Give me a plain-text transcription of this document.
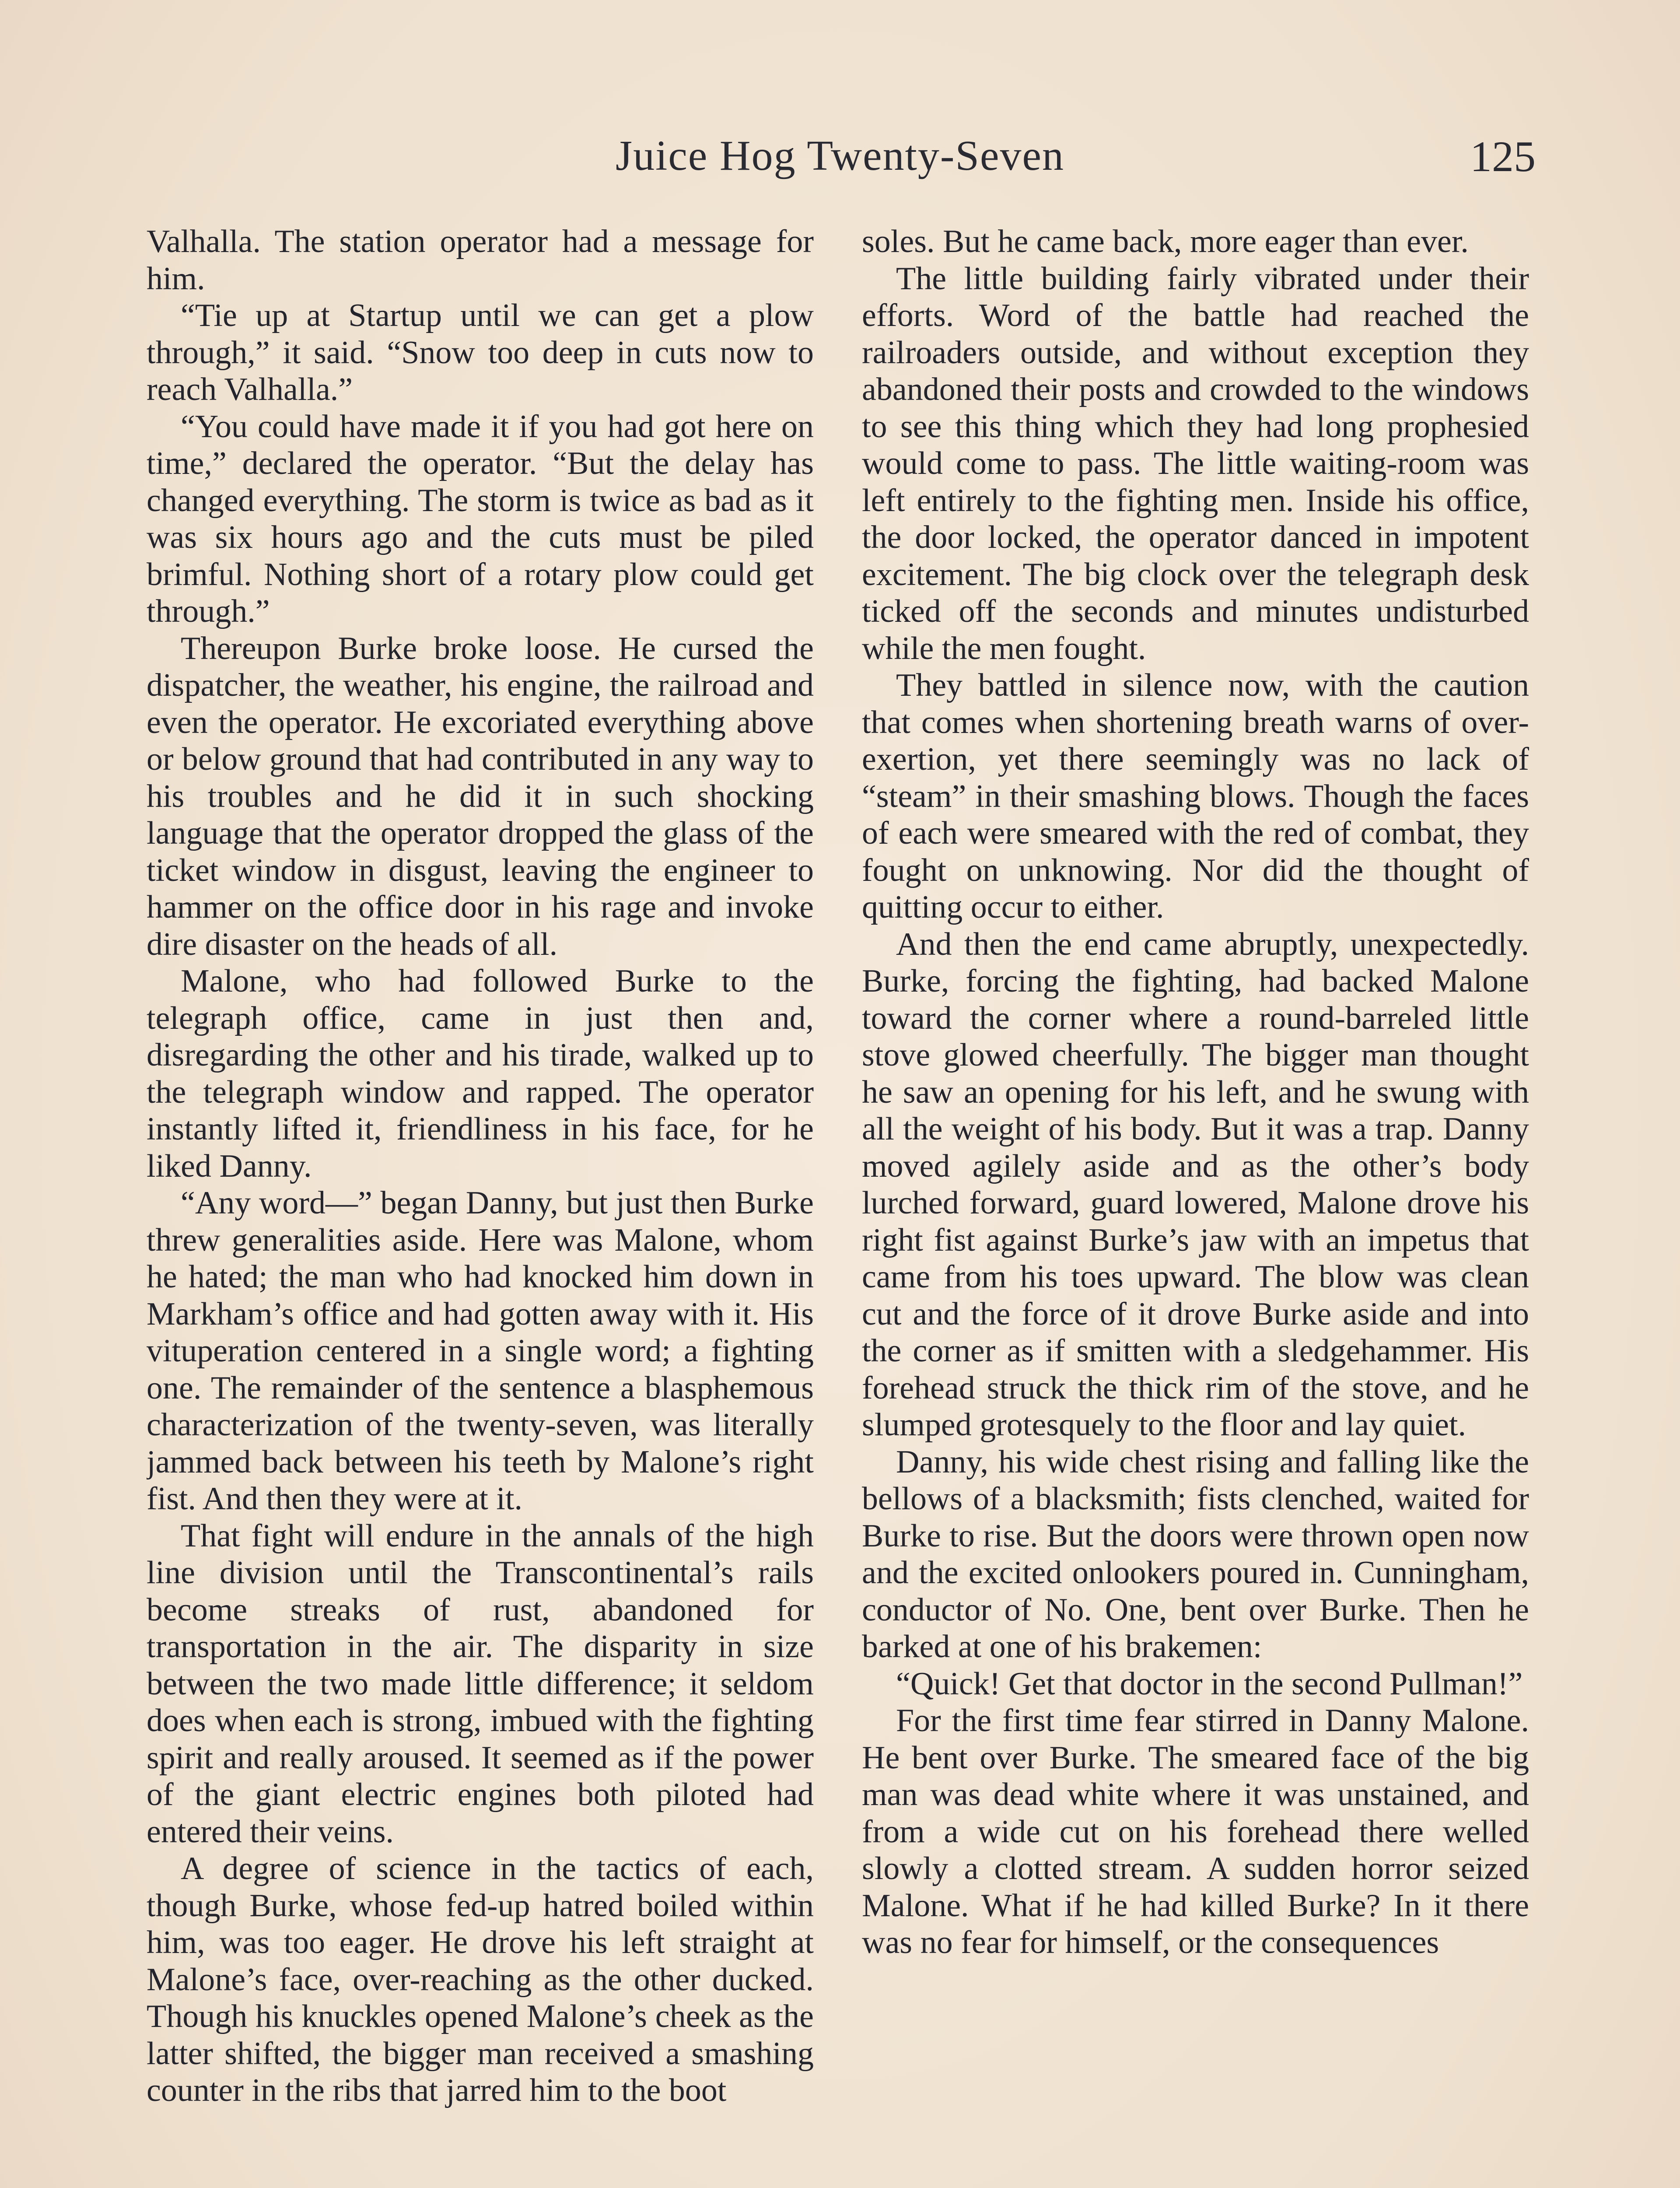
Juice Hog Twenty-Seven	125

Valhalla. The station operator had a message for him.

“Tie up at Startup until we can get a plow through,” it said. “Snow too deep in cuts now to reach Valhalla.”

“You could have made it if you had got here on time,” declared the operator. “But the delay has changed everything. The storm is twice as bad as it was six hours ago and the cuts must be piled brimful. Nothing short of a rotary plow could get through.”

Thereupon Burke broke loose. He cursed the dispatcher, the weather, his engine, the railroad and even the operator. He excoriated everything above or below ground that had contributed in any way to his troubles and he did it in such shocking language that the operator dropped the glass of the ticket window in disgust, leaving the engineer to hammer on the office door in his rage and invoke dire disaster on the heads of all.

Malone, who had followed Burke to the telegraph office, came in just then and, disregarding the other and his tirade, walked up to the telegraph window and rapped. The operator instantly lifted it, friendliness in his face, for he liked Danny.

“Any word—” began Danny, but just then Burke threw generalities aside. Here was Malone, whom he hated; the man who had knocked him down in Markham’s office and had gotten away with it. His vituperation centered in a single word; a fighting one. The remainder of the sentence a blasphemous characterization of the twenty-seven, was literally jammed back between his teeth by Malone’s right fist. And then they were at it.

That fight will endure in the annals of the high line division until the Transcontinental’s rails become streaks of rust, abandoned for transportation in the air. The disparity in size between the two made little difference; it seldom does when each is strong, imbued with the fighting spirit and really aroused. It seemed as if the power of the giant electric engines both piloted had entered their veins.

A degree of science in the tactics of each, though Burke, whose fed-up hatred boiled within him, was too eager. He drove his left straight at Malone’s face, over-reaching as the other ducked. Though his knuckles opened Malone’s cheek as the latter shifted, the bigger man received a smashing counter in the ribs that jarred him to the boot

soles. But he came back, more eager than ever.

The little building fairly vibrated under their efforts. Word of the battle had reached the railroaders outside, and without exception they abandoned their posts and crowded to the windows to see this thing which they had long prophesied would come to pass. The little waiting-room was left entirely to the fighting men. Inside his office, the door locked, the operator danced in impotent excitement. The big clock over the telegraph desk ticked off the seconds and minutes undisturbed while the men fought.

They battled in silence now, with the caution that comes when shortening breath warns of over-exertion, yet there seemingly was no lack of “steam” in their smashing blows. Though the faces of each were smeared with the red of combat, they fought on unknowing. Nor did the thought of quitting occur to either.

And then the end came abruptly, unexpectedly. Burke, forcing the fighting, had backed Malone toward the corner where a round-barreled little stove glowed cheerfully. The bigger man thought he saw an opening for his left, and he swung with all the weight of his body. But it was a trap. Danny moved agilely aside and as the other’s body lurched forward, guard lowered, Malone drove his right fist against Burke’s jaw with an impetus that came from his toes upward. The blow was clean cut and the force of it drove Burke aside and into the corner as if smitten with a sledgehammer. His forehead struck the thick rim of the stove, and he slumped grotesquely to the floor and lay quiet.

Danny, his wide chest rising and falling like the bellows of a blacksmith; fists clenched, waited for Burke to rise. But the doors were thrown open now and the excited onlookers poured in. Cunningham, conductor of No. One, bent over Burke. Then he barked at one of his brakemen:

“Quick! Get that doctor in the second Pullman!”

For the first time fear stirred in Danny Malone. He bent over Burke. The smeared face of the big man was dead white where it was unstained, and from a wide cut on his forehead there welled slowly a clotted stream. A sudden horror seized Malone. What if he had killed Burke? In it there was no fear for himself, or the consequences
